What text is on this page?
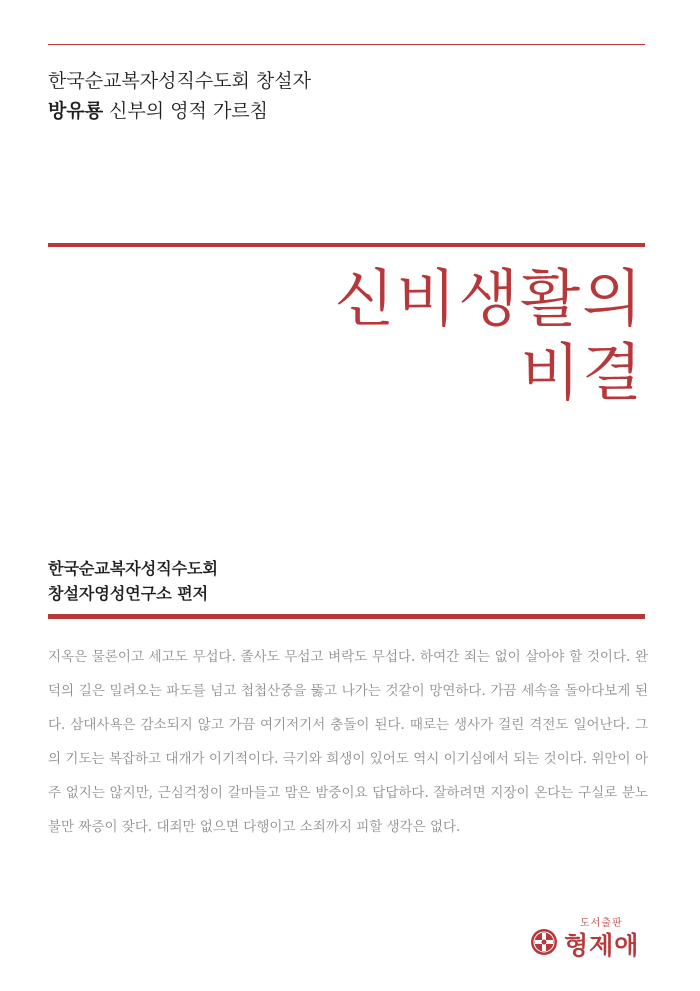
한국순교복자성직수도회 창설자
방유룡 신부의 영적 가르침
신비생활의
비결
한국순교복자성직수도회
창설자영성연구소 편저
지옥은 물론이고 세고도 무섭다. 졸사도 무섭고 벼락도 무섭다. 하여간 죄는 없이 살아야 할 것이다. 완덕의 길은 밀려오는 파도를 넘고 첩첩산중을 뚫고 나가는 것같이 망연하다. 가끔 세속을 돌아다보게 된다. 삼대사욕은 감소되지 않고 가끔 여기저기서 충돌이 된다. 때로는 생사가 걸린 격전도 일어난다. 그의 기도는 복잡하고 대개가 이기적이다. 극기와 희생이 있어도 역시 이기심에서 되는 것이다. 위안이 아주 없지는 않지만, 근심걱정이 갈마들고 맘은 밤중이요 답답하다. 잘하려면 지장이 온다는 구실로 분노 불만 짜증이 잦다. 대죄만 없으면 다행이고 소죄까지 피할 생각은 없다.
도서출판
형제애
